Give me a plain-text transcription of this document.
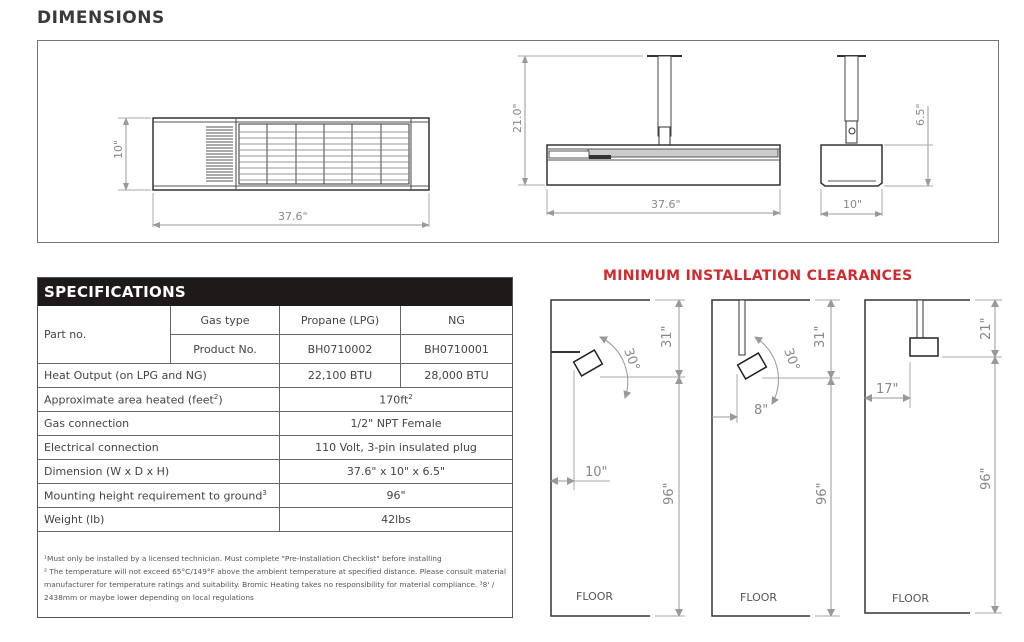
DIMENSIONS
10"
37.6"
21.0"
37.6"
6.5"
10"
SPECIFICATIONS
Part no.	Gas type	Propane (LPG)	NG
	Product No.	BH0710002	BH0710001
Heat Output (on LPG and NG)		22,100 BTU	28,000 BTU
Approximate area heated (feet$^2$)		$170ft^2$
Gas connection		1/2" NPT Female	
Electrical connection		110 Volt, 3-pin insulated plug	
Dimension (W x D x H)		37.6" x 10" x 6.5"	
Mounting height requirement to ground$^3$		96"	
Weight (lb)		42lbs	
¹Must only be installed by a licensed technician. Must complete "Pre-Installation Checklist" before installing
² The temperature will not exceed 65°C/149°F above the ambient temperature at specified distance. Please consult material manufacturer for temperature ratings and suitability. Bromic Heating takes no responsibility for material compliance. ³8' / 2438mm or maybe lower depending on local regulations
MINIMUM INSTALLATION CLEARANCES
31"
30°
10"
96"
FLOOR
31"
30°
8"
96"
FLOOR
21"
17"
96"
FLOOR
